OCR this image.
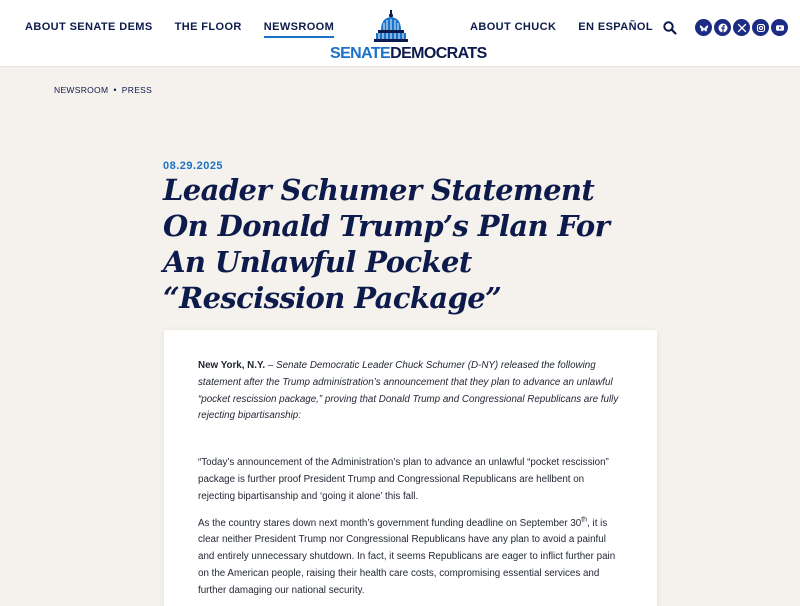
ABOUT SENATE DEMS THE FLOOR NEWSROOM
SENATEDEMOCRATS
ABOUT CHUCK EN ESPAÑOL
NEWSROOM • PRESS
08.29.2025
Leader Schumer Statement On Donald Trump’s Plan For An Unlawful Pocket “Rescission Package”

New York, N.Y. – Senate Democratic Leader Chuck Schumer (D-NY) released the following statement after the Trump administration’s announcement that they plan to advance an unlawful “pocket rescission package,” proving that Donald Trump and Congressional Republicans are fully rejecting bipartisanship:

“Today’s announcement of the Administration’s plan to advance an unlawful “pocket rescission” package is further proof President Trump and Congressional Republicans are hellbent on rejecting bipartisanship and ‘going it alone’ this fall.

As the country stares down next month’s government funding deadline on September 30th, it is clear neither President Trump nor Congressional Republicans have any plan to avoid a painful and entirely unnecessary shutdown. In fact, it seems Republicans are eager to inflict further pain on the American people, raising their health care costs, compromising essential services and further damaging our national security.
